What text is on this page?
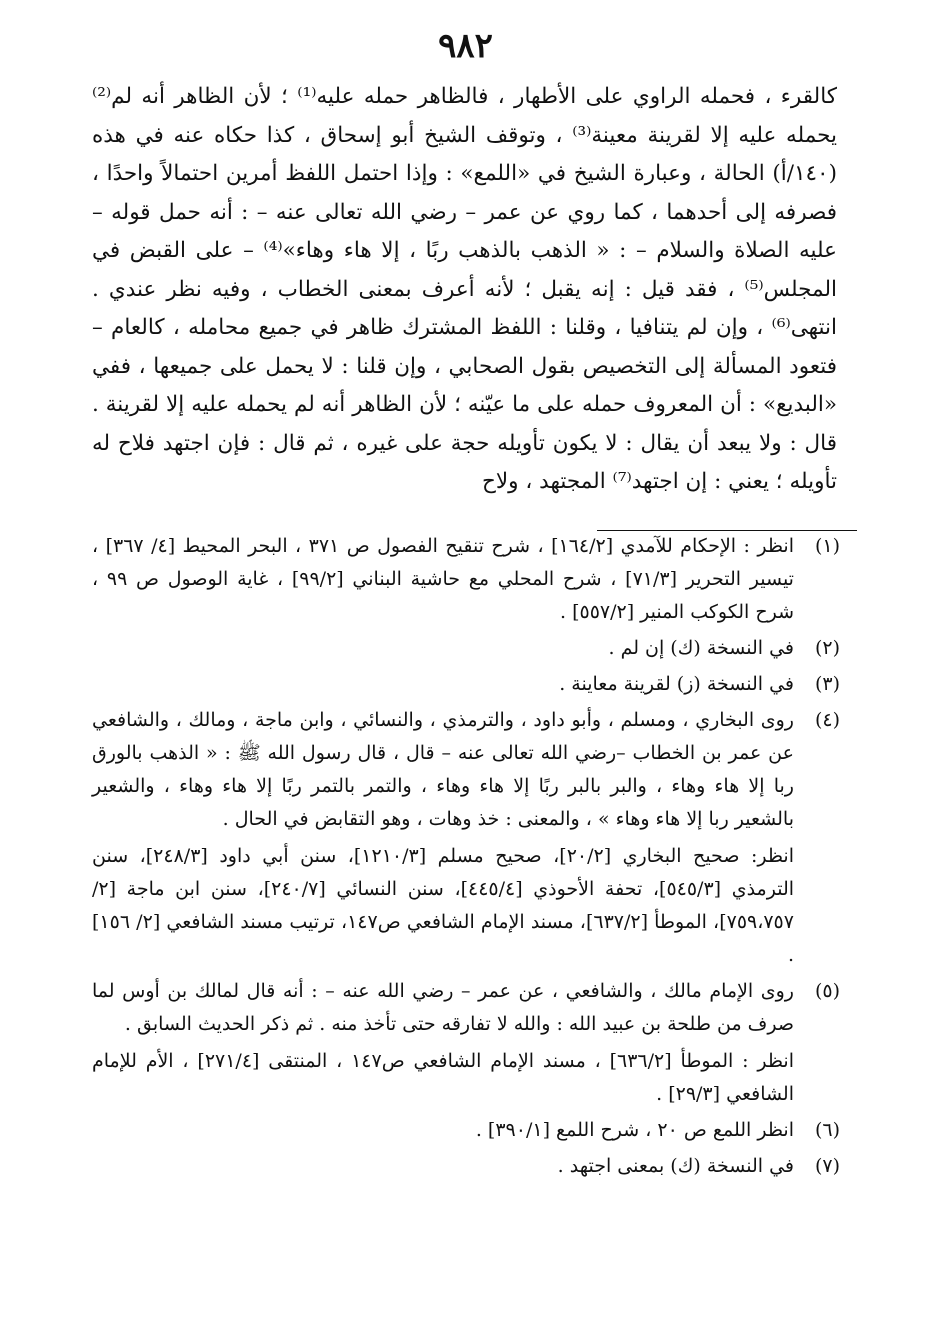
٩٨٢

كالقرء ، فحمله الراوي على الأطهار ، فالظاهر حمله عليه⁽¹⁾ ؛ لأن الظاهر أنه لم⁽²⁾ يحمله عليه إلا لقرينة معينة⁽³⁾ ، وتوقف الشيخ أبو إسحاق ، كذا حكاه عنه في هذه (١٤٠/أ) الحالة ، وعبارة الشيخ في «اللمع» : وإذا احتمل اللفظ أمرين احتمالاً واحدًا ، فصرفه إلى أحدهما ، كما روي عن عمر – رضي الله تعالى عنه – : أنه حمل قوله – عليه الصلاة والسلام – : « الذهب بالذهب ربًا ، إلا هاء وهاء»⁽⁴⁾ – على القبض في المجلس⁽⁵⁾ ، فقد قيل : إنه يقبل ؛ لأنه أعرف بمعنى الخطاب ، وفيه نظر عندي . انتهى⁽⁶⁾ ، وإن لم يتنافيا ، وقلنا : اللفظ المشترك ظاهر في جميع محامله ، كالعام – فتعود المسألة إلى التخصيص بقول الصحابي ، وإن قلنا : لا يحمل على جميعها ، ففي «البديع» : أن المعروف حمله على ما عيّنه ؛ لأن الظاهر أنه لم يحمله عليه إلا لقرينة . قال : ولا يبعد أن يقال : لا يكون تأويله حجة على غيره ، ثم قال : فإن اجتهد فلاح له تأويله ؛ يعني : إن اجتهد⁽⁷⁾ المجتهد ، ولاح

(١)

انظر : الإحكام للآمدي [١٦٤/٢] ، شرح تنقيح الفصول ص ٣٧١ ، البحر المحيط [٤/ ٣٦٧] ، تيسير التحرير [٧١/٣] ، شرح المحلي مع حاشية البناني [٩٩/٢] ، غاية الوصول ص ٩٩ ، شرح الكوكب المنير [٥٥٧/٢] .

(٢)

في النسخة (ك) إن لم .

(٣)

في النسخة (ز) لقرينة معاينة .

(٤)

روى البخاري ، ومسلم ، وأبو داود ، والترمذي ، والنسائي ، وابن ماجة ، ومالك ، والشافعي عن عمر بن الخطاب –رضي الله تعالى عنه – قال ، قال رسول الله ﷺ : « الذهب بالورق ربا إلا هاء وهاء ، والبر بالبر ربًا إلا هاء وهاء ، والتمر بالتمر ربًا إلا هاء وهاء ، والشعير بالشعير ربا إلا هاء وهاء » ، والمعنى : خذ وهات ، وهو التقابض في الحال .

انظر: صحيح البخاري [٢٠/٢]، صحيح مسلم [١٢١٠/٣]، سنن أبي داود [٢٤٨/٣]، سنن الترمذي [٥٤٥/٣]، تحفة الأحوذي [٤٤٥/٤]، سنن النسائي [٢٤٠/٧]، سنن ابن ماجة [٢/ ٧٥٩،٧٥٧]، الموطأ [٦٣٧/٢]، مسند الإمام الشافعي ص١٤٧، ترتيب مسند الشافعي [٢/ ١٥٦] .

(٥)

روى الإمام مالك ، والشافعي ، عن عمر – رضي الله عنه – : أنه قال لمالك بن أوس لما صرف من طلحة بن عبيد الله : والله لا تفارقه حتى تأخذ منه . ثم ذكر الحديث السابق .

انظر : الموطأ [٦٣٦/٢] ، مسند الإمام الشافعي ص١٤٧ ، المنتقى [٢٧١/٤] ، الأم للإمام الشافعي [٢٩/٣] .

(٦)

انظر اللمع ص ٢٠ ، شرح اللمع [٣٩٠/١] .

(٧)

في النسخة (ك) بمعنى اجتهد .
